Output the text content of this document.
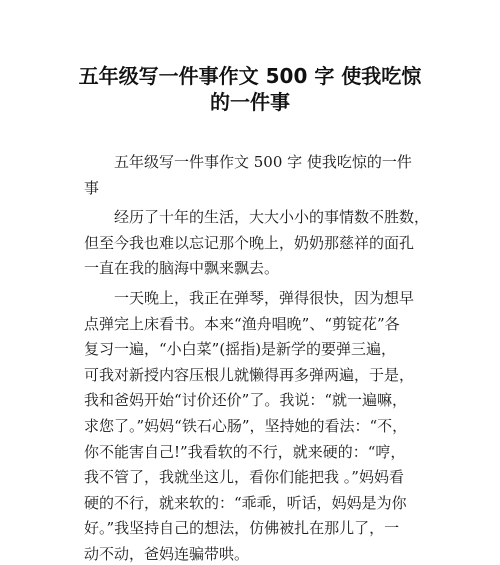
五年级写一件事作文 500 字 使我吃惊
的一件事
五年级写一件事作文 500 字 使我吃惊的一件
事
经历了十年的生活，大大小小的事情数不胜数，
但至今我也难以忘记那个晚上，奶奶那慈祥的面孔
一直在我的脑海中飘来飘去。
一天晚上，我正在弹琴，弹得很快，因为想早
点弹完上床看书。本来“渔舟唱晚”、“剪锭花”各
复习一遍，“小白菜”(摇指)是新学的要弹三遍，
可我对新授内容压根儿就懒得再多弹两遍，于是，
我和爸妈开始“讨价还价”了。我说：“就一遍嘛，
求您了。”妈妈“铁石心肠”，坚持她的看法：“不，
你不能害自己!”我看软的不行，就来硬的：“哼，
我不管了，我就坐这儿，看你们能把我 。”妈妈看
硬的不行，就来软的：“乖乖，听话，妈妈是为你
好。”我坚持自己的想法，仿佛被扎在那儿了，一
动不动，爸妈连骗带哄。
